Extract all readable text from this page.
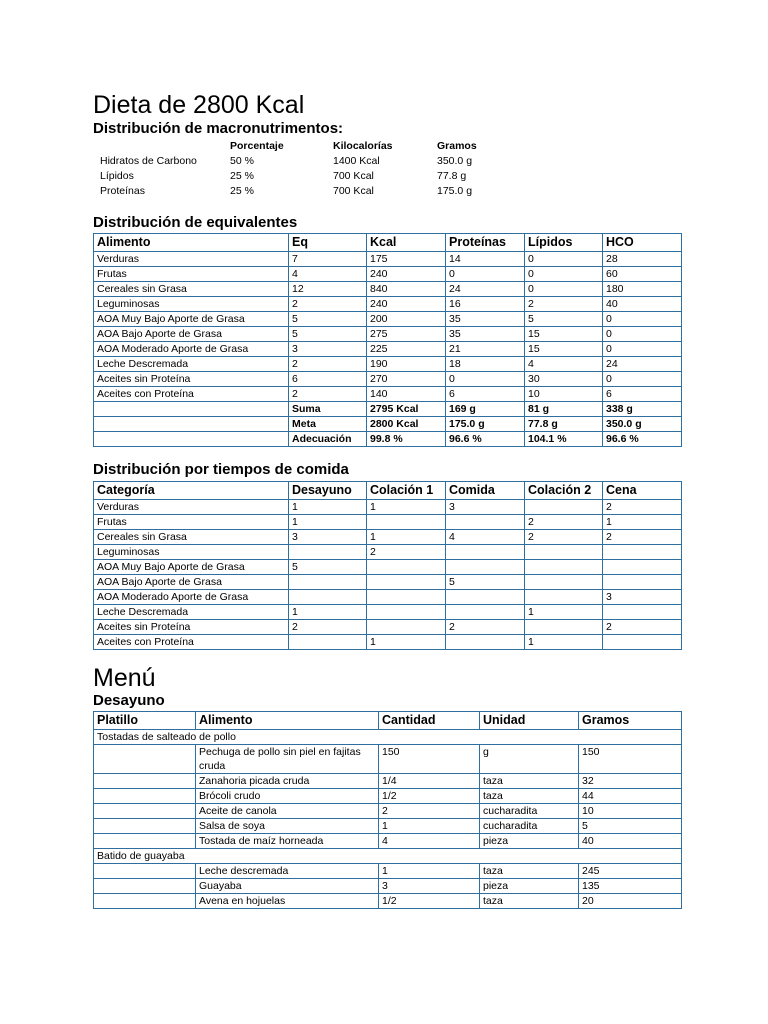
Dieta de 2800 Kcal
Distribución de macronutrimentos:
Porcentaje	Kilocalorías	Gramos
Hidratos de Carbono	50 %	1400 Kcal	350.0 g
Lípidos	25 %	700 Kcal	77.8 g
Proteínas	25 %	700 Kcal	175.0 g
Distribución de equivalentes
Alimento	Eq	Kcal	Proteínas	Lípidos	HCO
Verduras	7	175	14	0	28
Frutas	4	240	0	0	60
Cereales sin Grasa	12	840	24	0	180
Leguminosas	2	240	16	2	40
AOA Muy Bajo Aporte de Grasa	5	200	35	5	0
AOA Bajo Aporte de Grasa	5	275	35	15	0
AOA Moderado Aporte de Grasa	3	225	21	15	0
Leche Descremada	2	190	18	4	24
Aceites sin Proteína	6	270	0	30	0
Aceites con Proteína	2	140	6	10	6
	Suma	2795 Kcal	169 g	81 g	338 g
	Meta	2800 Kcal	175.0 g	77.8 g	350.0 g
	Adecuación	99.8 %	96.6 %	104.1 %	96.6 %
Distribución por tiempos de comida
Categoría	Desayuno	Colación 1	Comida	Colación 2	Cena
Verduras	1	1	3		2
Frutas	1			2	1
Cereales sin Grasa	3	1	4	2	2
Leguminosas		2			
AOA Muy Bajo Aporte de Grasa	5				
AOA Bajo Aporte de Grasa			5		
AOA Moderado Aporte de Grasa					3
Leche Descremada	1			1	
Aceites sin Proteína	2		2		2
Aceites con Proteína		1		1	
Menú
Desayuno
Platillo	Alimento	Cantidad	Unidad	Gramos
Tostadas de salteado de pollo				
	Pechuga de pollo sin piel en fajitas cruda	150	g	150
	Zanahoria picada cruda	1/4	taza	32
	Brócoli crudo	1/2	taza	44
	Aceite de canola	2	cucharadita	10
	Salsa de soya	1	cucharadita	5
	Tostada de maíz horneada	4	pieza	40
Batido de guayaba				
	Leche descremada	1	taza	245
	Guayaba	3	pieza	135
	Avena en hojuelas	1/2	taza	20
